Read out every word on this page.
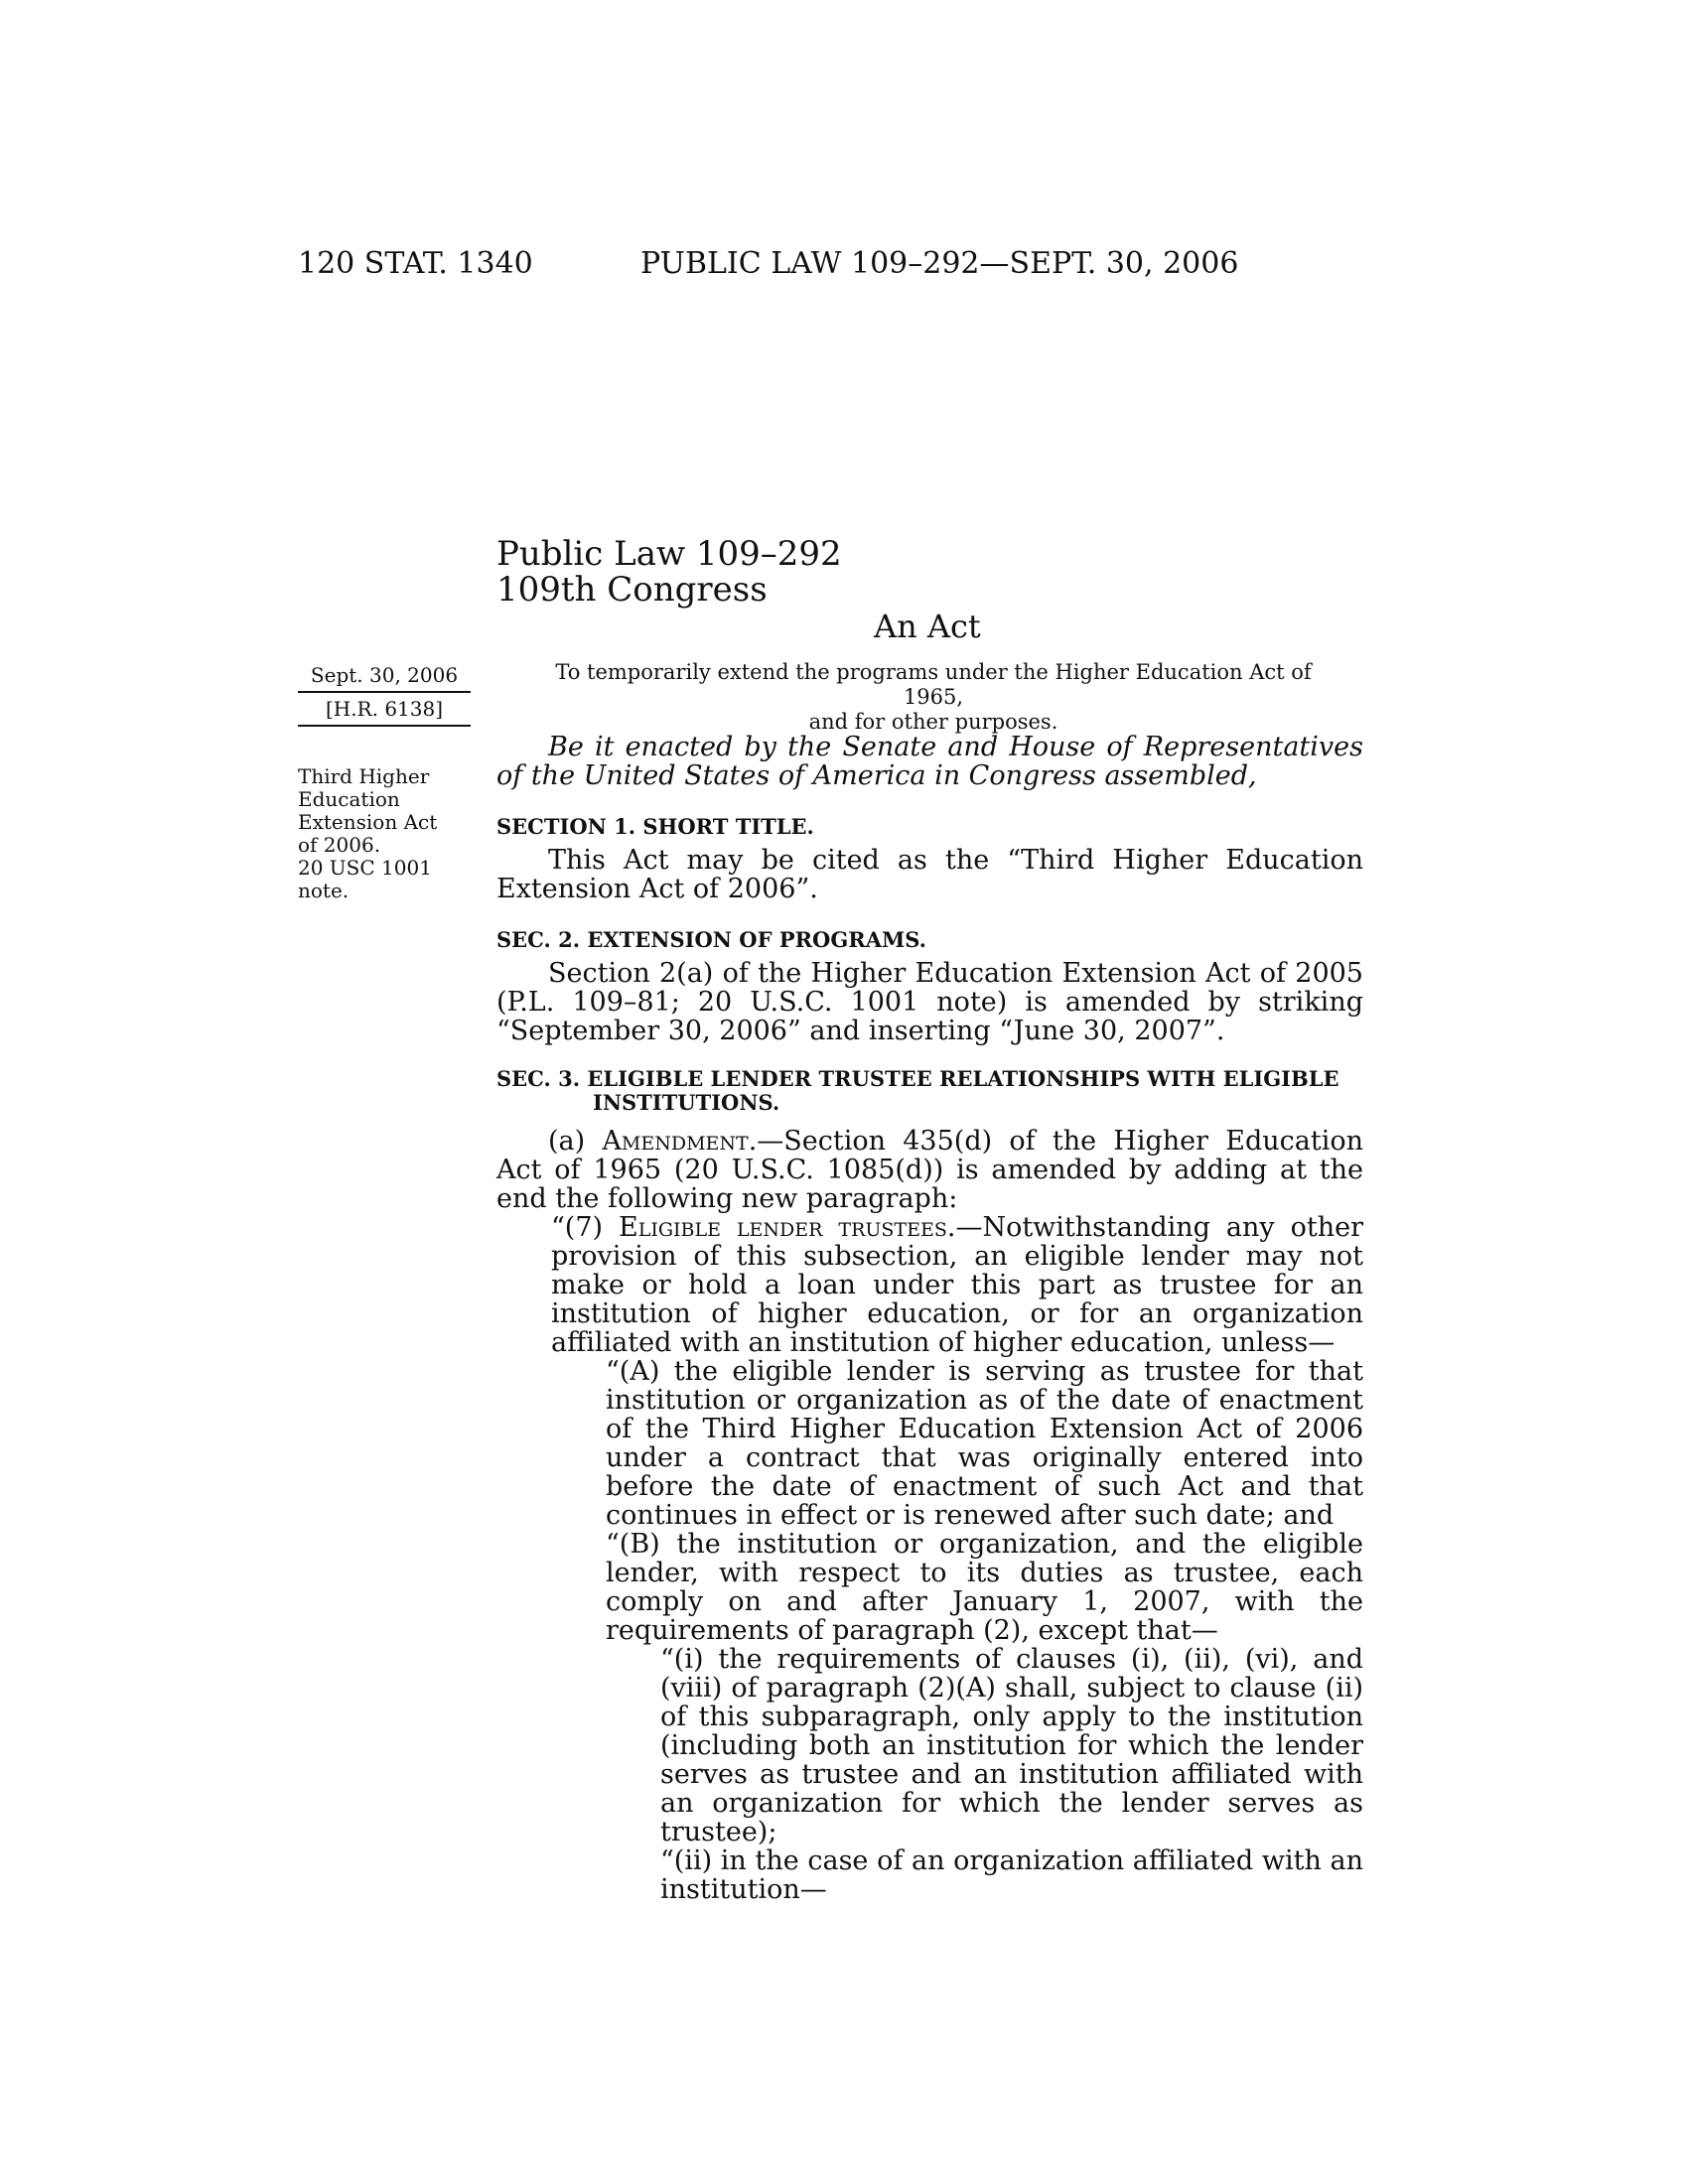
120 STAT. 1340	PUBLIC LAW 109–292—SEPT. 30, 2006
Public Law 109–292
109th Congress
An Act
Sept. 30, 2006
[H.R. 6138]
Third Higher
Education
Extension Act
of 2006.
20 USC 1001
note.
To temporarily extend the programs under the Higher Education Act of 1965,
and for other purposes.

Be it enacted by the Senate and House of Representatives of the United States of America in Congress assembled,

SECTION 1. SHORT TITLE.

This Act may be cited as the “Third Higher Education Extension Act of 2006”.

SEC. 2. EXTENSION OF PROGRAMS.

Section 2(a) of the Higher Education Extension Act of 2005 (P.L. 109–81; 20 U.S.C. 1001 note) is amended by striking “September 30, 2006” and inserting “June 30, 2007”.

SEC. 3. ELIGIBLE LENDER TRUSTEE RELATIONSHIPS WITH ELIGIBLE
INSTITUTIONS.

(a) Amendment.—Section 435(d) of the Higher Education Act of 1965 (20 U.S.C. 1085(d)) is amended by adding at the end the following new paragraph:

“(7) Eligible lender trustees.—Notwithstanding any other provision of this subsection, an eligible lender may not make or hold a loan under this part as trustee for an institution of higher education, or for an organization affiliated with an institution of higher education, unless—

“(A) the eligible lender is serving as trustee for that institution or organization as of the date of enactment of the Third Higher Education Extension Act of 2006 under a contract that was originally entered into before the date of enactment of such Act and that continues in effect or is renewed after such date; and

“(B) the institution or organization, and the eligible lender, with respect to its duties as trustee, each comply on and after January 1, 2007, with the requirements of paragraph (2), except that—

“(i) the requirements of clauses (i), (ii), (vi), and (viii) of paragraph (2)(A) shall, subject to clause (ii) of this subparagraph, only apply to the institution (including both an institution for which the lender serves as trustee and an institution affiliated with an organization for which the lender serves as trustee);

“(ii) in the case of an organization affiliated with an institution—
